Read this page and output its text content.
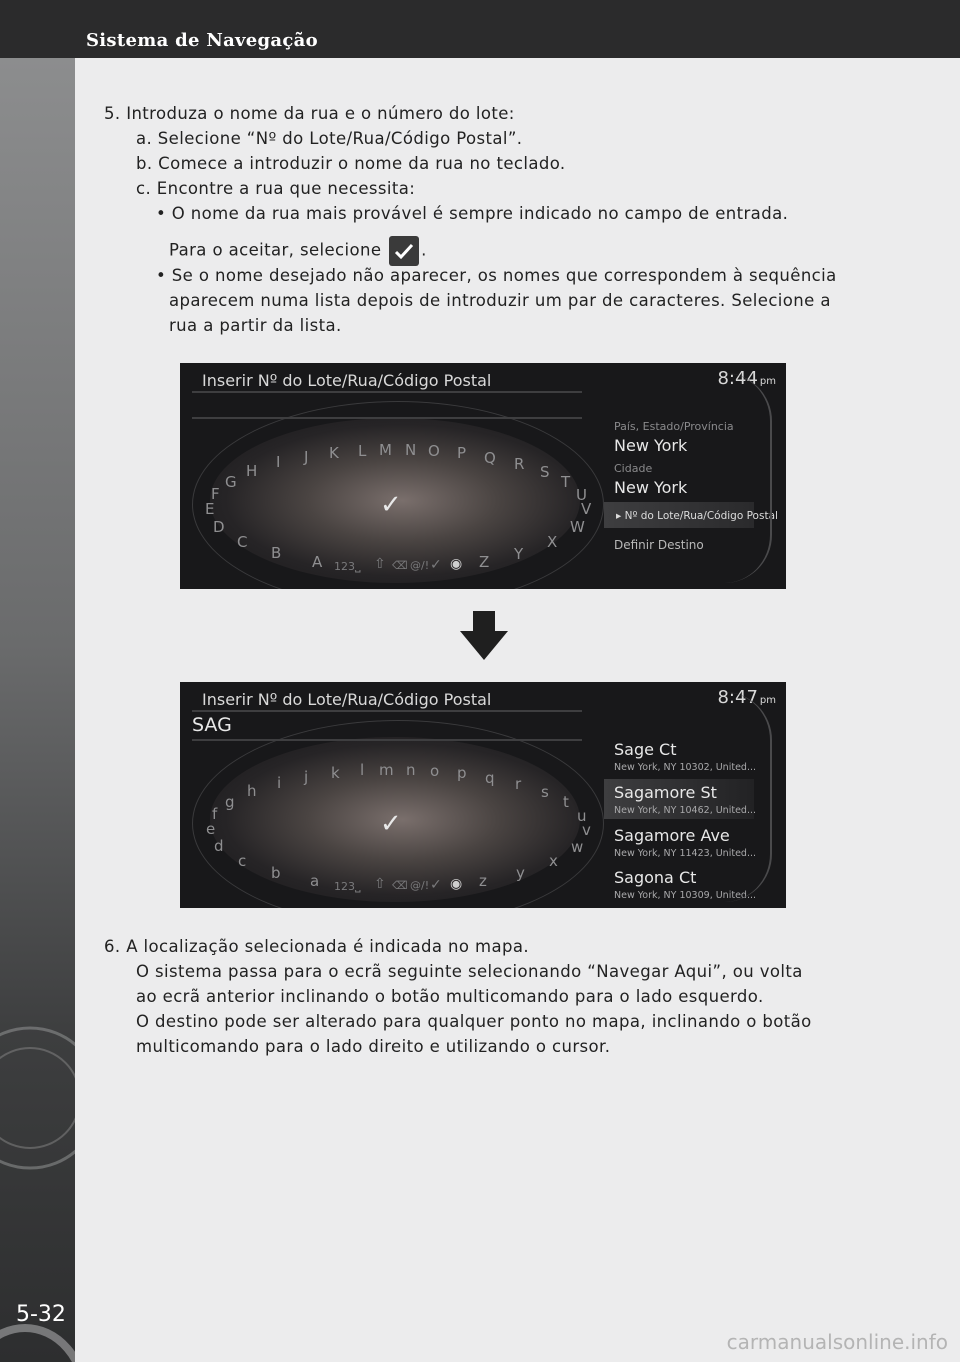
Sistema de Navegação
5-32
5. Introduza o nome da rua e o número do lote:
a. Selecione “Nº do Lote/Rua/Código Postal”.
b. Comece a introduzir o nome da rua no teclado.
c. Encontre a rua que necessita:
• O nome da rua mais provável é sempre indicado no campo de entrada.
Para o aceitar, selecione .
• Se o nome desejado não aparecer, os nomes que correspondem à sequência
aparecem numa lista depois de introduzir um par de caracteres. Selecione a
rua a partir da lista.
Inserir Nº do Lote/Rua/Código Postal	8:44 pm
A
B
C
D
E
F
G
H I J K L M N O P Q R S
T
U
V
W
X
Y
Z
123 ⎵ ⇧ ⌫ @/! ✓ ◉
✓
País, Estado/Província
New York
Cidade
New York
▸ Nº do Lote/Rua/Código Postal
Definir Destino
Inserir Nº do Lote/Rua/Código Postal
SAG
8:47 pm
a
b
c
d
e
f
g
h i j k l m n o p q r s
t
u
v
w
x
y
z
123 ⎵ ⇧ ⌫ @/! ✓ ◉
✓
Sage Ct
New York, NY 10302, United...
Sagamore St
New York, NY 10462, United...
Sagamore Ave
New York, NY 11423, United...
Sagona Ct
New York, NY 10309, United...
6. A localização selecionada é indicada no mapa.
O sistema passa para o ecrã seguinte selecionando “Navegar Aqui”, ou volta
ao ecrã anterior inclinando o botão multicomando para o lado esquerdo.
O destino pode ser alterado para qualquer ponto no mapa, inclinando o botão
multicomando para o lado direito e utilizando o cursor.
carmanualsonline.info
